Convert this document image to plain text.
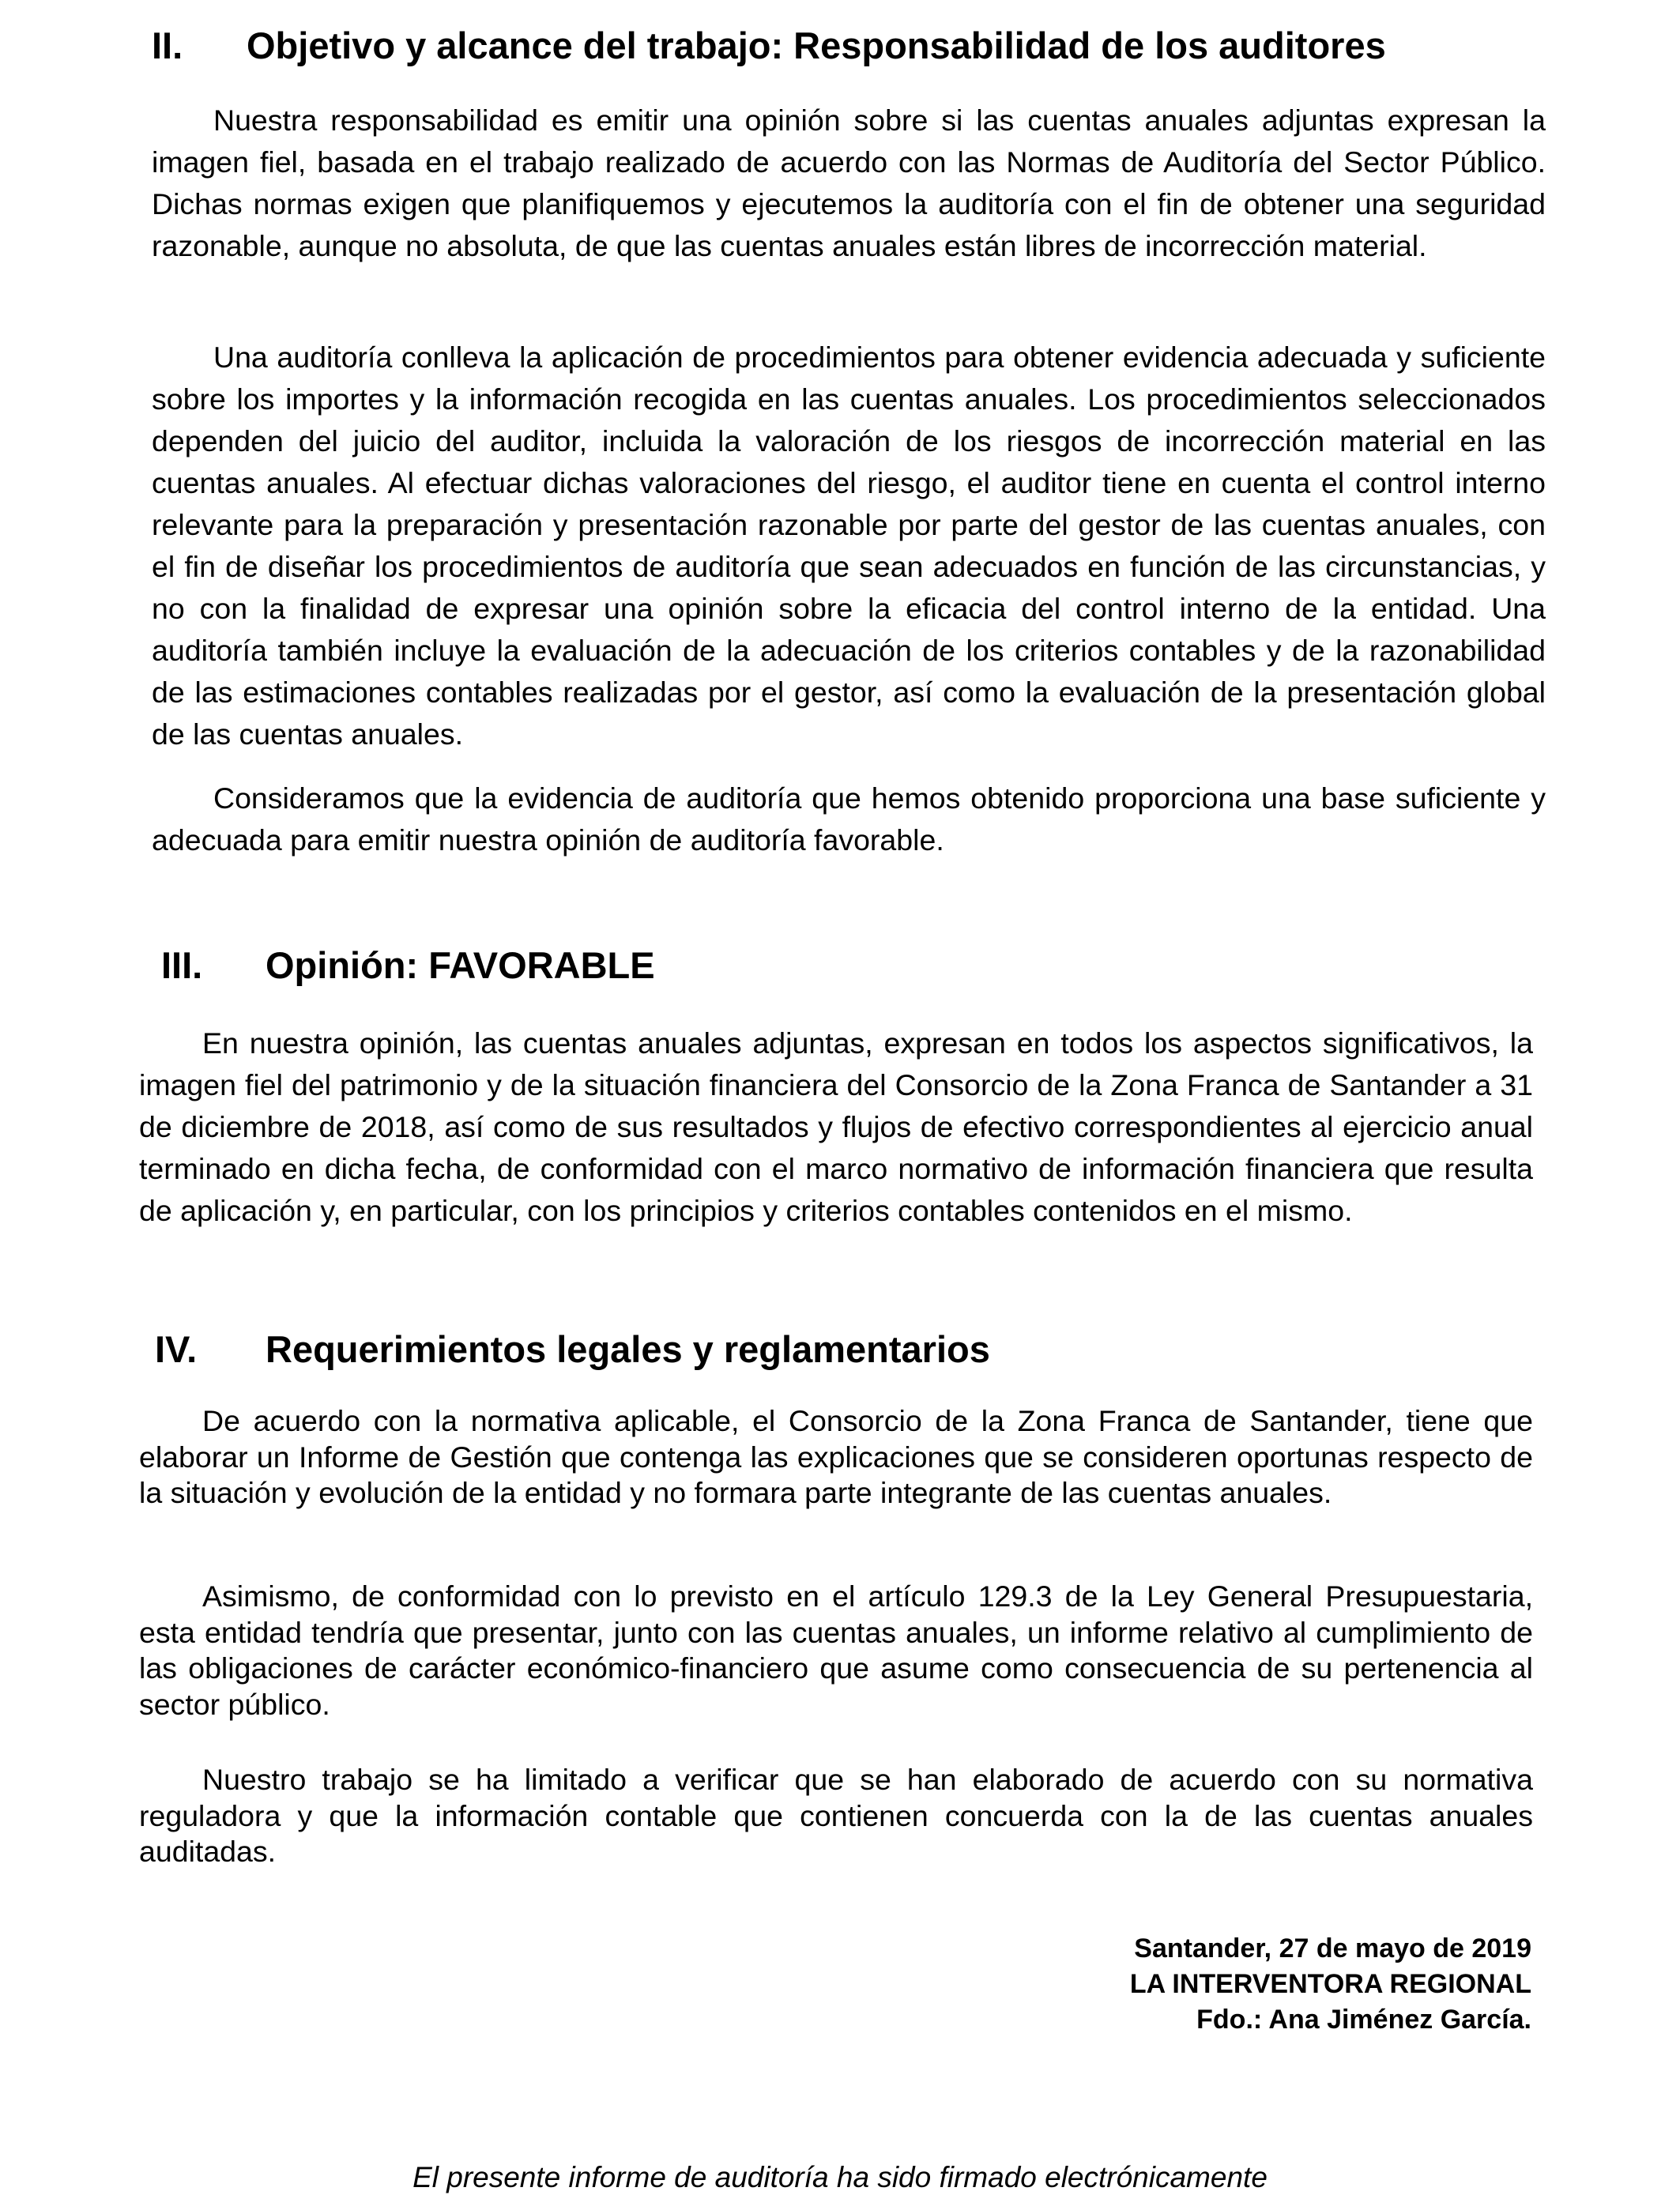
II. Objetivo y alcance del trabajo: Responsabilidad de los auditores

Nuestra responsabilidad es emitir una opinión sobre si las cuentas anuales adjuntas expresan la imagen fiel, basada en el trabajo realizado de acuerdo con las Normas de Auditoría del Sector Público. Dichas normas exigen que planifiquemos y ejecutemos la auditoría con el fin de obtener una seguridad razonable, aunque no absoluta, de que las cuentas anuales están libres de incorrección material.

Una auditoría conlleva la aplicación de procedimientos para obtener evidencia adecuada y suficiente sobre los importes y la información recogida en las cuentas anuales. Los procedimientos seleccionados dependen del juicio del auditor, incluida la valoración de los riesgos de incorrección material en las cuentas anuales. Al efectuar dichas valoraciones del riesgo, el auditor tiene en cuenta el control interno relevante para la preparación y presentación razonable por parte del gestor de las cuentas anuales, con el fin de diseñar los procedimientos de auditoría que sean adecuados en función de las circunstancias, y no con la finalidad de expresar una opinión sobre la eficacia del control interno de la entidad. Una auditoría también incluye la evaluación de la adecuación de los criterios contables y de la razonabilidad de las estimaciones contables realizadas por el gestor, así como la evaluación de la presentación global de las cuentas anuales.

Consideramos que la evidencia de auditoría que hemos obtenido proporciona una base suficiente y adecuada para emitir nuestra opinión de auditoría favorable.

III. Opinión: FAVORABLE

En nuestra opinión, las cuentas anuales adjuntas, expresan en todos los aspectos significativos, la imagen fiel del patrimonio y de la situación financiera del Consorcio de la Zona Franca de Santander a 31 de diciembre de 2018, así como de sus resultados y flujos de efectivo correspondientes al ejercicio anual terminado en dicha fecha, de conformidad con el marco normativo de información financiera que resulta de aplicación y, en particular, con los principios y criterios contables contenidos en el mismo.

IV. Requerimientos legales y reglamentarios

De acuerdo con la normativa aplicable, el Consorcio de la Zona Franca de Santander, tiene que elaborar un Informe de Gestión que contenga las explicaciones que se consideren oportunas respecto de la situación y evolución de la entidad y no formara parte integrante de las cuentas anuales.

Asimismo, de conformidad con lo previsto en el artículo 129.3 de la Ley General Presupuestaria, esta entidad tendría que presentar, junto con las cuentas anuales, un informe relativo al cumplimiento de las obligaciones de carácter económico-financiero que asume como consecuencia de su pertenencia al sector público.

Nuestro trabajo se ha limitado a verificar que se han elaborado de acuerdo con su normativa reguladora y que la información contable que contienen concuerda con la de las cuentas anuales auditadas.

Santander, 27 de mayo de 2019
LA INTERVENTORA REGIONAL
Fdo.: Ana Jiménez García.
El presente informe de auditoría ha sido firmado electrónicamente
